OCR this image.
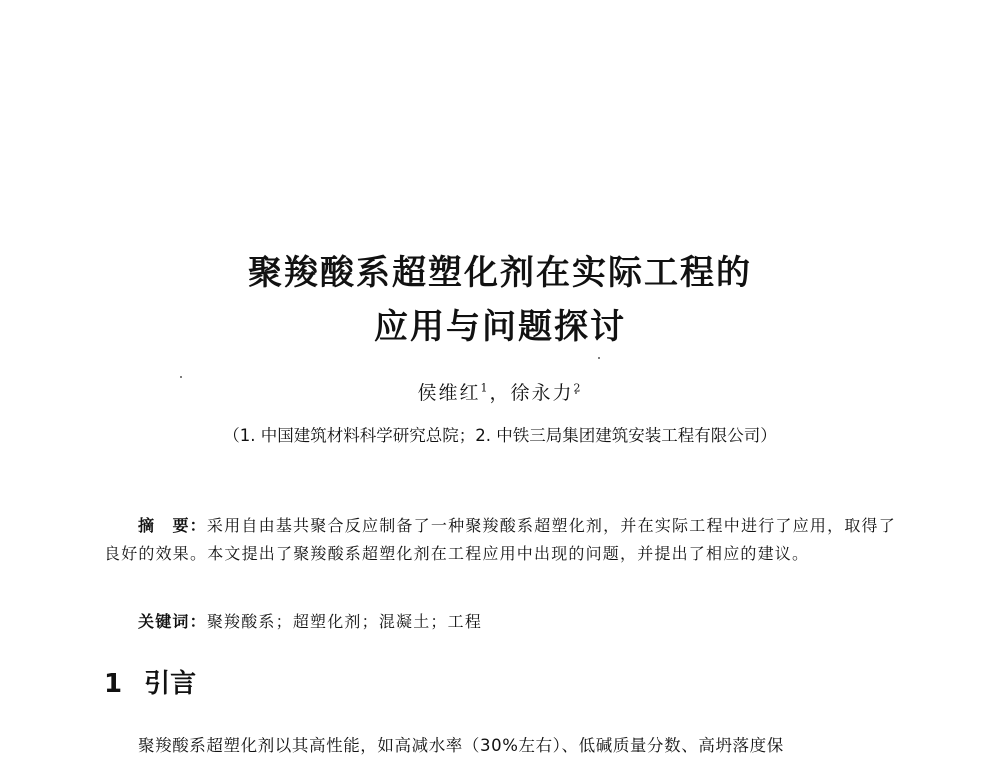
聚羧酸系超塑化剂在实际工程的
应用与问题探讨
侯维红$^1$，徐永力$^2$
（1. 中国建筑材料科学研究总院；2. 中铁三局集团建筑安装工程有限公司）

摘　要：采用自由基共聚合反应制备了一种聚羧酸系超塑化剂，并在实际工程中进行了应用，取得了良好的效果。本文提出了聚羧酸系超塑化剂在工程应用中出现的问题，并提出了相应的建议。

关键词：聚羧酸系；超塑化剂；混凝土；工程
1 引言

聚羧酸系超塑化剂以其高性能，如高减水率（30%左右）、低碱质量分数、高坍落度保
